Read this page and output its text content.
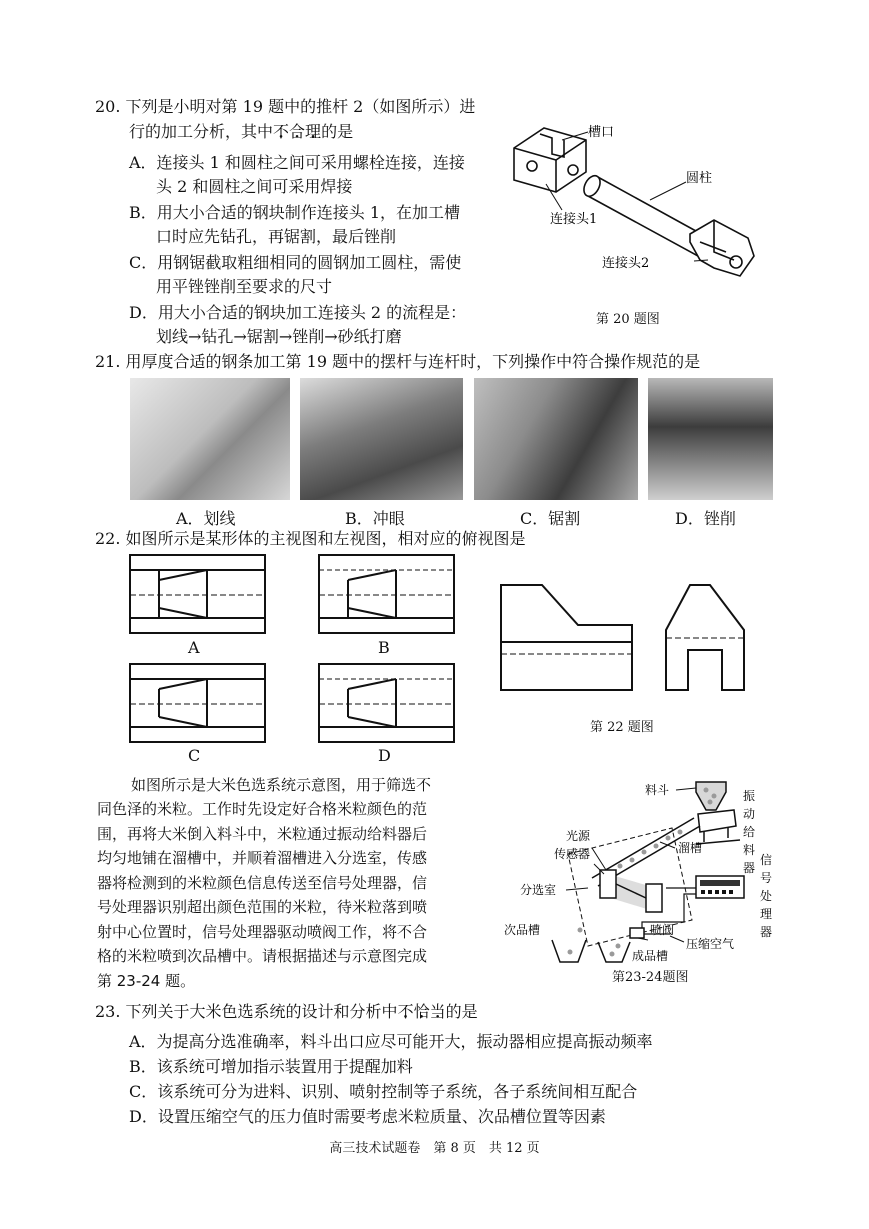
20. 下列是小明对第 19 题中的推杆 2（如图所示）进
行的加工分析，其中不合理的是
A．连接头 1 和圆柱之间可采用螺栓连接，连接
头 2 和圆柱之间可采用焊接
B．用大小合适的钢块制作连接头 1，在加工槽
口时应先钻孔，再锯割，最后锉削
C．用钢锯截取粗细相同的圆钢加工圆柱，需使
用平锉锉削至要求的尺寸
D．用大小合适的钢块加工连接头 2 的流程是：
划线→钻孔→锯割→锉削→砂纸打磨
槽口
圆柱
连接头1
连接头2
第 20 题图
21. 用厚度合适的钢条加工第 19 题中的摆杆与连杆时，下列操作中符合操作规范的是
A．划线	B．冲眼	C．锯割	D．锉削
22. 如图所示是某形体的主视图和左视图，相对应的俯视图是
A	B
C	D
第 22 题图
如图所示是大米色选系统示意图，用于筛选不
同色泽的米粒。工作时先设定好合格米粒颜色的范
围，再将大米倒入料斗中，米粒通过振动给料器后
均匀地铺在溜槽中，并顺着溜槽进入分选室，传感
器将检测到的米粒颜色信息传送至信号处理器，信
号处理器识别超出颜色范围的米粒，待米粒落到喷
射中心位置时，信号处理器驱动喷阀工作，将不合
格的米粒喷到次品槽中。请根据描述与示意图完成
第 23-24 题。
料斗	振
动
给
料
器
光源
传感器	溜槽
信
号
处
理
器
分选室
次品槽	喷阀
压缩空气
成品槽
第23-24题图
23. 下列关于大米色选系统的设计和分析中不恰当的是
A．为提高分选准确率，料斗出口应尽可能开大，振动器相应提高振动频率
B．该系统可增加指示装置用于提醒加料
C．该系统可分为进料、识别、喷射控制等子系统，各子系统间相互配合
D．设置压缩空气的压力值时需要考虑米粒质量、次品槽位置等因素
高三技术试题卷　第 8 页　共 12 页
